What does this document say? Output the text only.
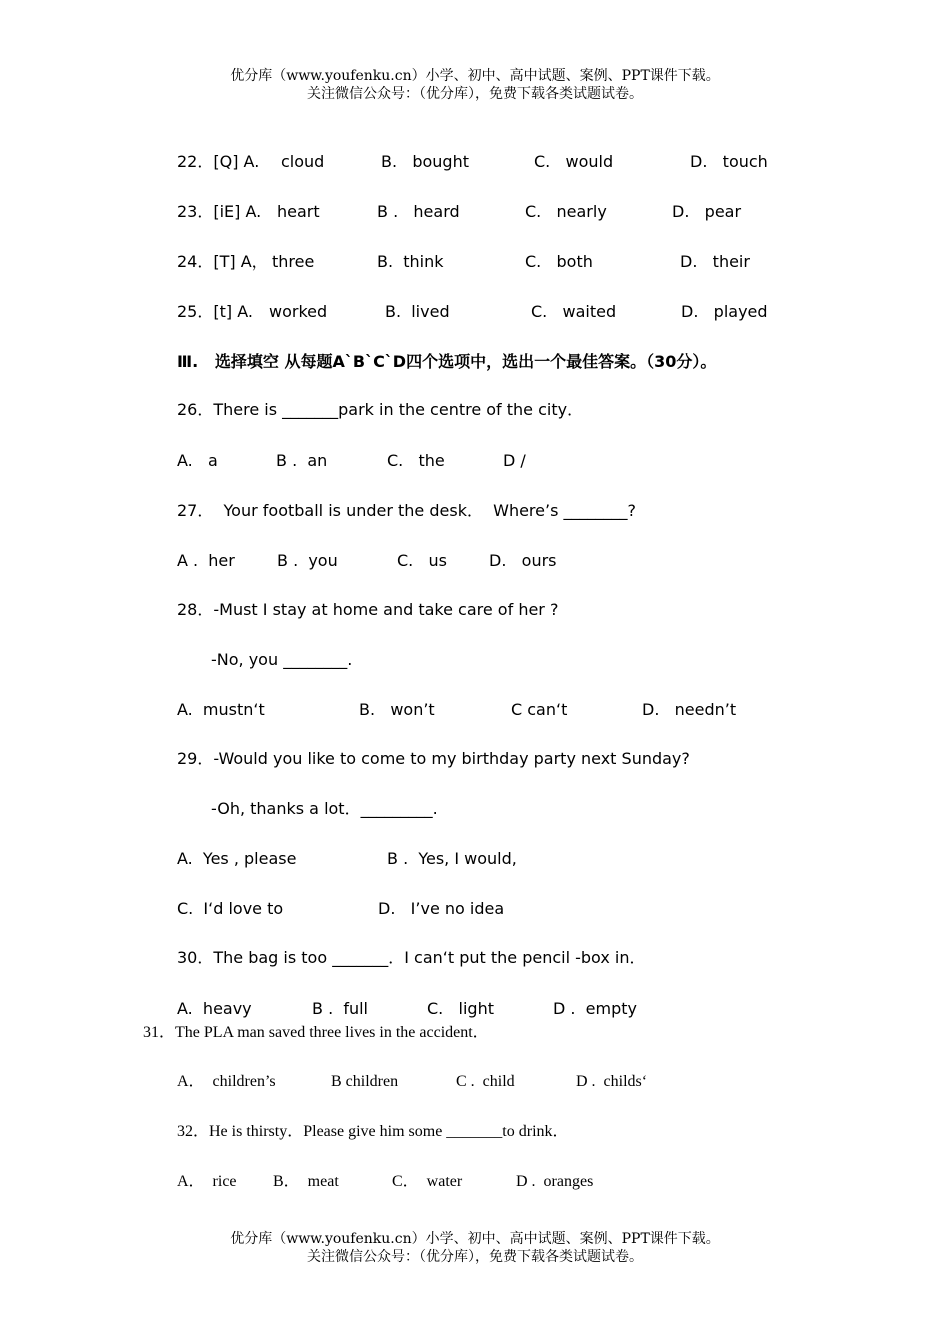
优分库（www.youfenku.cn）小学、初中、高中试题、案例、PPT课件下载。
关注微信公众号：（优分库），免费下载各类试题试卷。
22．[Q] A. cloud	B.   bought	C.   would	D.   touch
23．[iE] A. heart	B .   heard	C.   nearly	D.   pear
24．[T] A， three	B.  think	C.   both	D.   their
25．[t] A. worked	B.  lived	C.   waited	D.   played
Ⅲ.   选择填空 从每题A`B`C`D四个选项中，选出一个最佳答案。（30分）。
26．There is _______park in the centre of the city．
A.   a	B .  an	C.   the	D /
27．  Your football is under the desk．  Where’s ________?
A .  her	B .  you	C.   us	D.   ours
28．-Must I stay at home and take care of her ?
-No, you ________.
A.  mustn‘t	B.   won’t	C can‘t	D.   needn’t
29．-Would you like to come to my birthday party next Sunday?
-Oh, thanks a lot．_________.
A.  Yes , please	B .  Yes, I would,
C.  I‘d love to	D.   I’ve no idea
30．The bag is too _______．I can‘t put the pencil -box in．
A.  heavy	B .  full	C.   light	D .  empty
31．The PLA man saved three lives in the accident．
A．  children’s	B children	C .  child	D .  childs‘
32．He is thirsty．Please give him some _______to drink．
A．  rice B．  meat	C．  water	D .  oranges
优分库（www.youfenku.cn）小学、初中、高中试题、案例、PPT课件下载。
关注微信公众号：（优分库），免费下载各类试题试卷。
